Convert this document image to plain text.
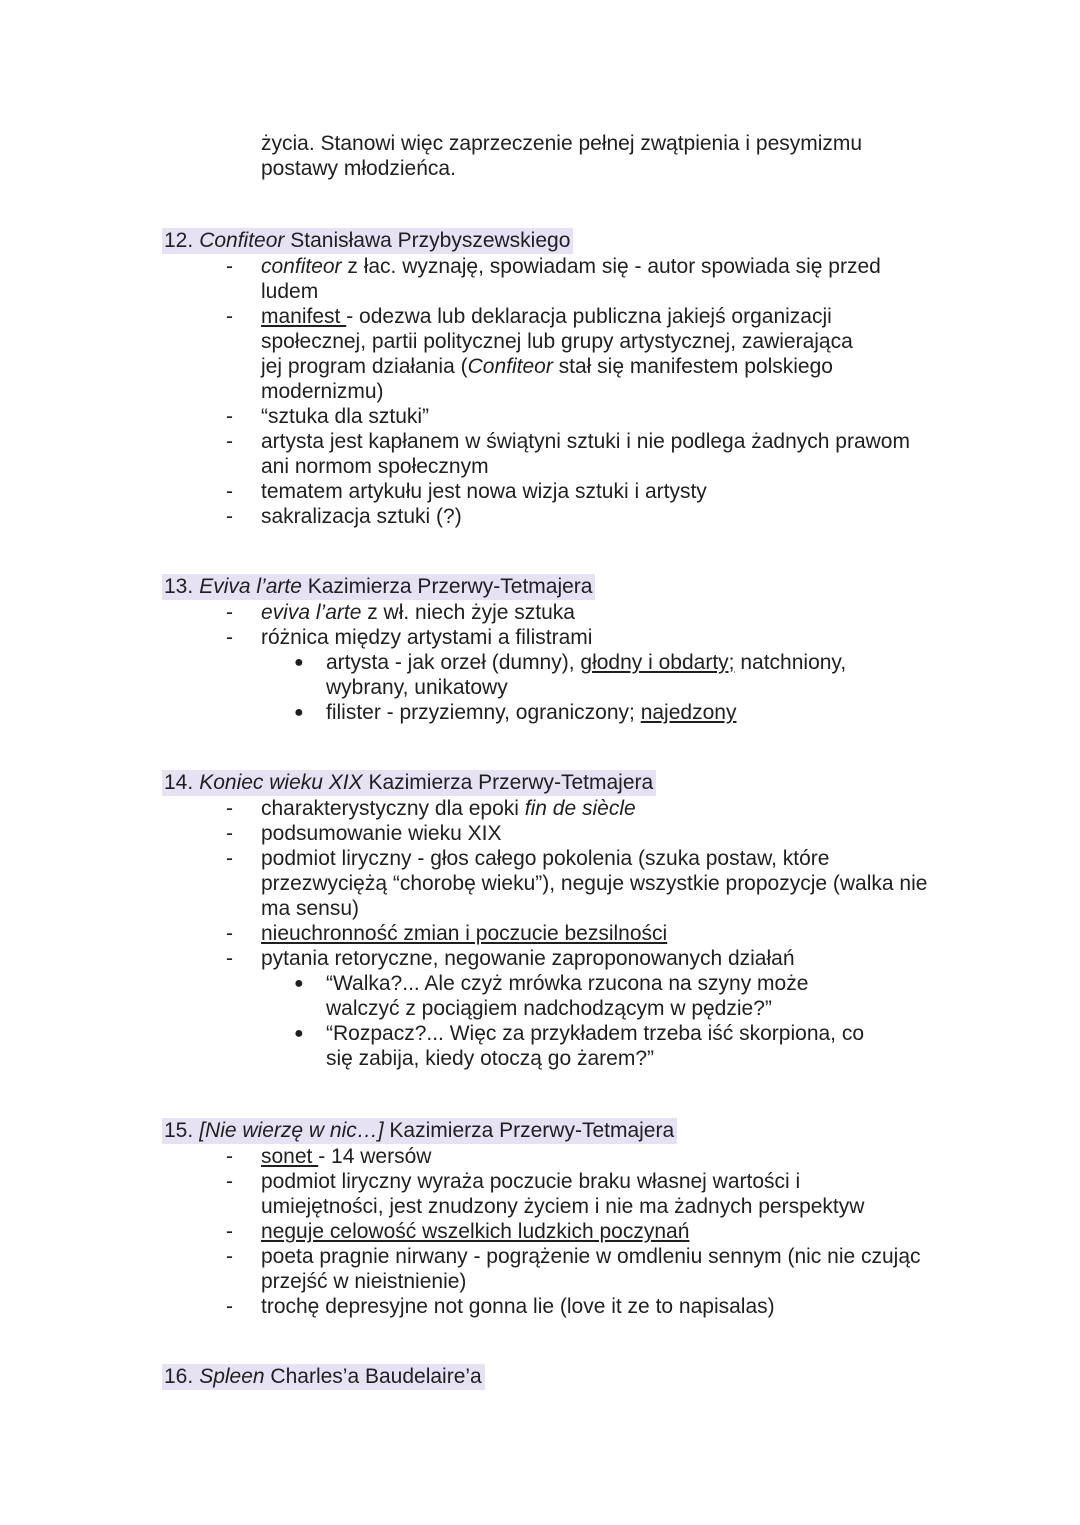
życia. Stanowi więc zaprzeczenie pełnej zwątpienia i pesymizmu
postawy młodzieńca.
12. Confiteor Stanisława Przybyszewskiego
- confiteor z łac. wyznaję, spowiadam się - autor spowiada się przed ludem
- manifest - odezwa lub deklaracja publiczna jakiejś organizacji społecznej, partii politycznej lub grupy artystycznej, zawierająca jej program działania (Confiteor stał się manifestem polskiego modernizmu)
- “sztuka dla sztuki”
- artysta jest kapłanem w świątyni sztuki i nie podlega żadnych prawom ani normom społecznym
- tematem artykułu jest nowa wizja sztuki i artysty
- sakralizacja sztuki (?)
13. Eviva l’arte Kazimierza Przerwy-Tetmajera
- eviva l’arte z wł. niech żyje sztuka
- różnica między artystami a filistrami
● artysta - jak orzeł (dumny), głodny i obdarty; natchniony, wybrany, unikatowy
● filister - przyziemny, ograniczony; najedzony
14. Koniec wieku XIX Kazimierza Przerwy-Tetmajera
- charakterystyczny dla epoki fin de siècle
- podsumowanie wieku XIX
- podmiot liryczny - głos całego pokolenia (szuka postaw, które przezwyciężą “chorobę wieku”), neguje wszystkie propozycje (walka nie ma sensu)
- nieuchronność zmian i poczucie bezsilności
- pytania retoryczne, negowanie zaproponowanych działań
● “Walka?... Ale czyż mrówka rzucona na szyny może walczyć z pociągiem nadchodzącym w pędzie?”
● “Rozpacz?... Więc za przykładem trzeba iść skorpiona, co się zabija, kiedy otoczą go żarem?”
15. [Nie wierzę w nic…] Kazimierza Przerwy-Tetmajera
- sonet - 14 wersów
- podmiot liryczny wyraża poczucie braku własnej wartości i umiejętności, jest znudzony życiem i nie ma żadnych perspektyw
- neguje celowość wszelkich ludzkich poczynań
- poeta pragnie nirwany - pogrążenie w omdleniu sennym (nic nie czując przejść w nieistnienie)
- trochę depresyjne not gonna lie (love it ze to napisalas)
16. Spleen Charles’a Baudelaire’a
